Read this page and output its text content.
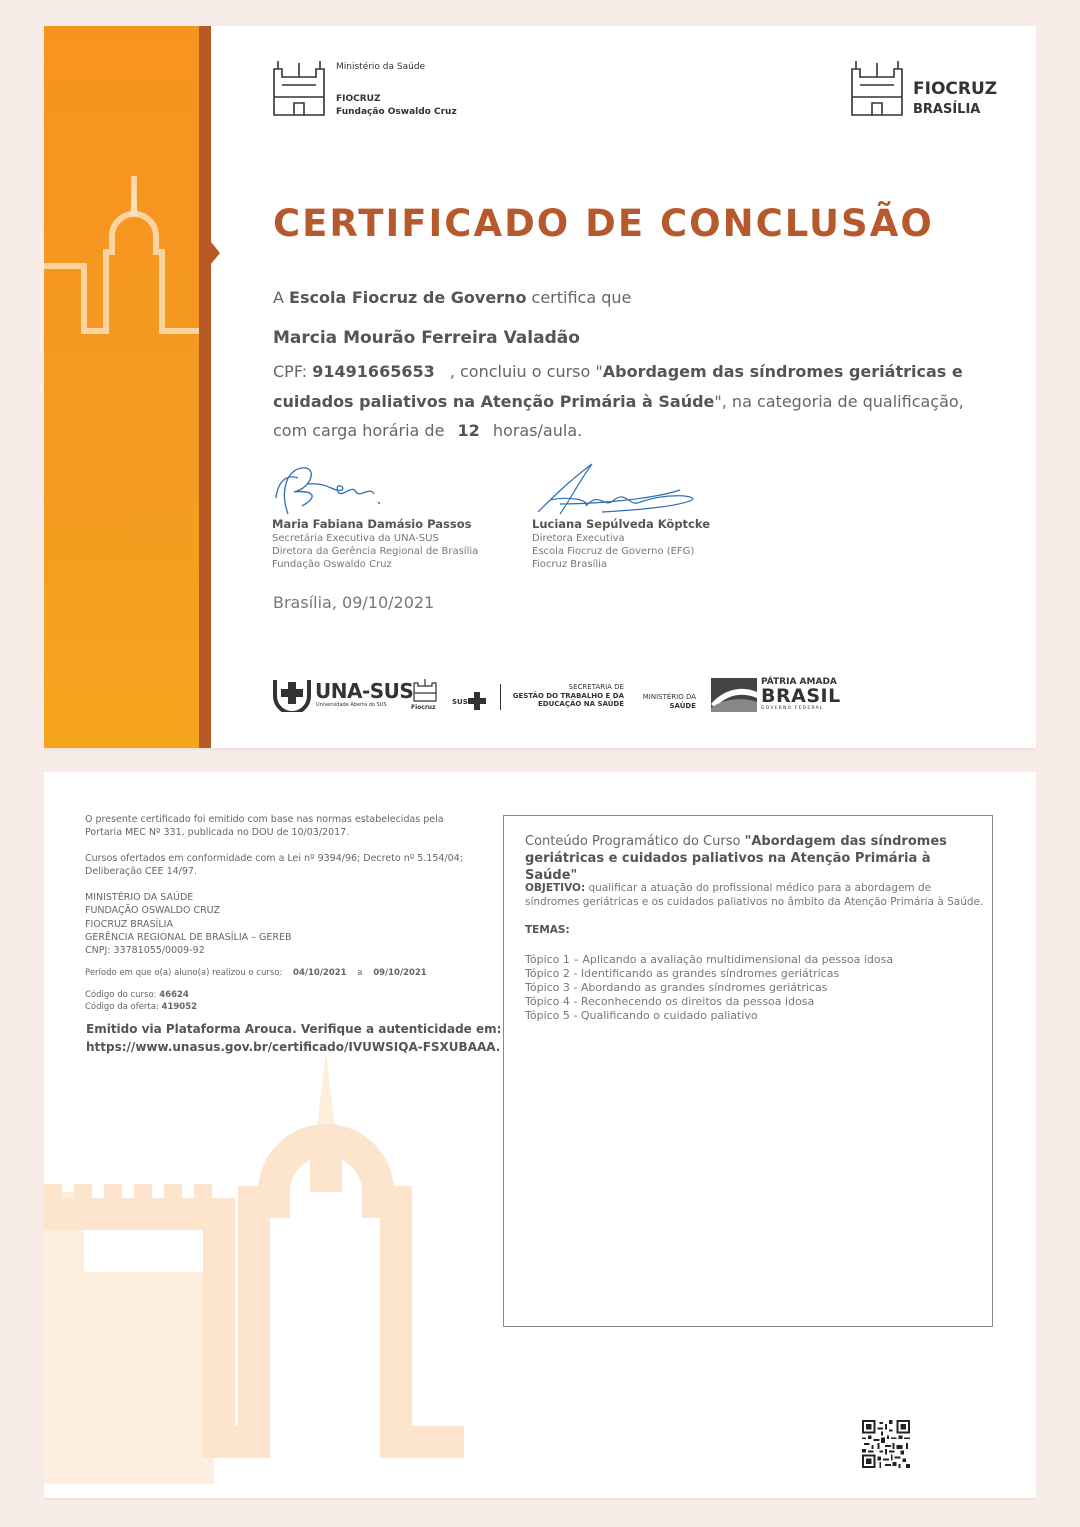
Ministério da Saúde
FIOCRUZ
Fundação Oswaldo Cruz
FIOCRUZ
BRASÍLIA
CERTIFICADO DE CONCLUSÃO
A Escola Fiocruz de Governo certifica que
Marcia Mourão Ferreira Valadão
CPF: 91491665653 , concluiu o curso "Abordagem das síndromes geriátricas e cuidados paliativos na Atenção Primária à Saúde", na categoria de qualificação, com carga horária de 12 horas/aula.
Maria Fabiana Damásio Passos
Secretária Executiva da UNA-SUS
Diretora da Gerência Regional de Brasília
Fundação Oswaldo Cruz
Luciana Sepúlveda Köptcke
Diretora Executiva
Escola Fiocruz de Governo (EFG)
Fiocruz Brasília
Brasília, 09/10/2021
UNA-SUS
Universidade Aberta do SUS	Fiocruz
SUS
SECRETARIA DE
GESTÃO DO TRABALHO E DA
EDUCAÇÃO NA SAÚDE
MINISTÉRIO DA
SAÚDE
PÁTRIA AMADA
BRASIL
GOVERNO FEDERAL
O presente certificado foi emitido com base nas normas estabelecidas pela
Portaria MEC Nº 331, publicada no DOU de 10/03/2017.
Cursos ofertados em conformidade com a Lei nº 9394/96; Decreto nº 5.154/04;
Deliberação CEE 14/97.
MINISTÉRIO DA SAÚDE
FUNDAÇÃO OSWALDO CRUZ
FIOCRUZ BRASÍLIA
GERÊNCIA REGIONAL DE BRASÍLIA – GEREB
CNPJ: 33781055/0009-92
Período em que o(a) aluno(a) realizou o curso: 04/10/2021 a 09/10/2021
Código do curso: 46624
Código da oferta: 419052
Emitido via Plataforma Arouca. Verifique a autenticidade em:
https://www.unasus.gov.br/certificado/IVUWSIQA-FSXUBAAA.
Conteúdo Programático do Curso "Abordagem das síndromes geriátricas e cuidados paliativos na Atenção Primária à Saúde"
OBJETIVO: qualificar a atuação do profissional médico para a abordagem de síndromes geriátricas e os cuidados paliativos no âmbito da Atenção Primária à Saúde.
TEMAS:
Tópico 1 – Aplicando a avaliação multidimensional da pessoa idosa
Tópico 2 - Identificando as grandes síndromes geriátricas
Tópico 3 - Abordando as grandes síndromes geriátricas
Tópico 4 - Reconhecendo os direitos da pessoa idosa
Tópico 5 - Qualificando o cuidado paliativo
